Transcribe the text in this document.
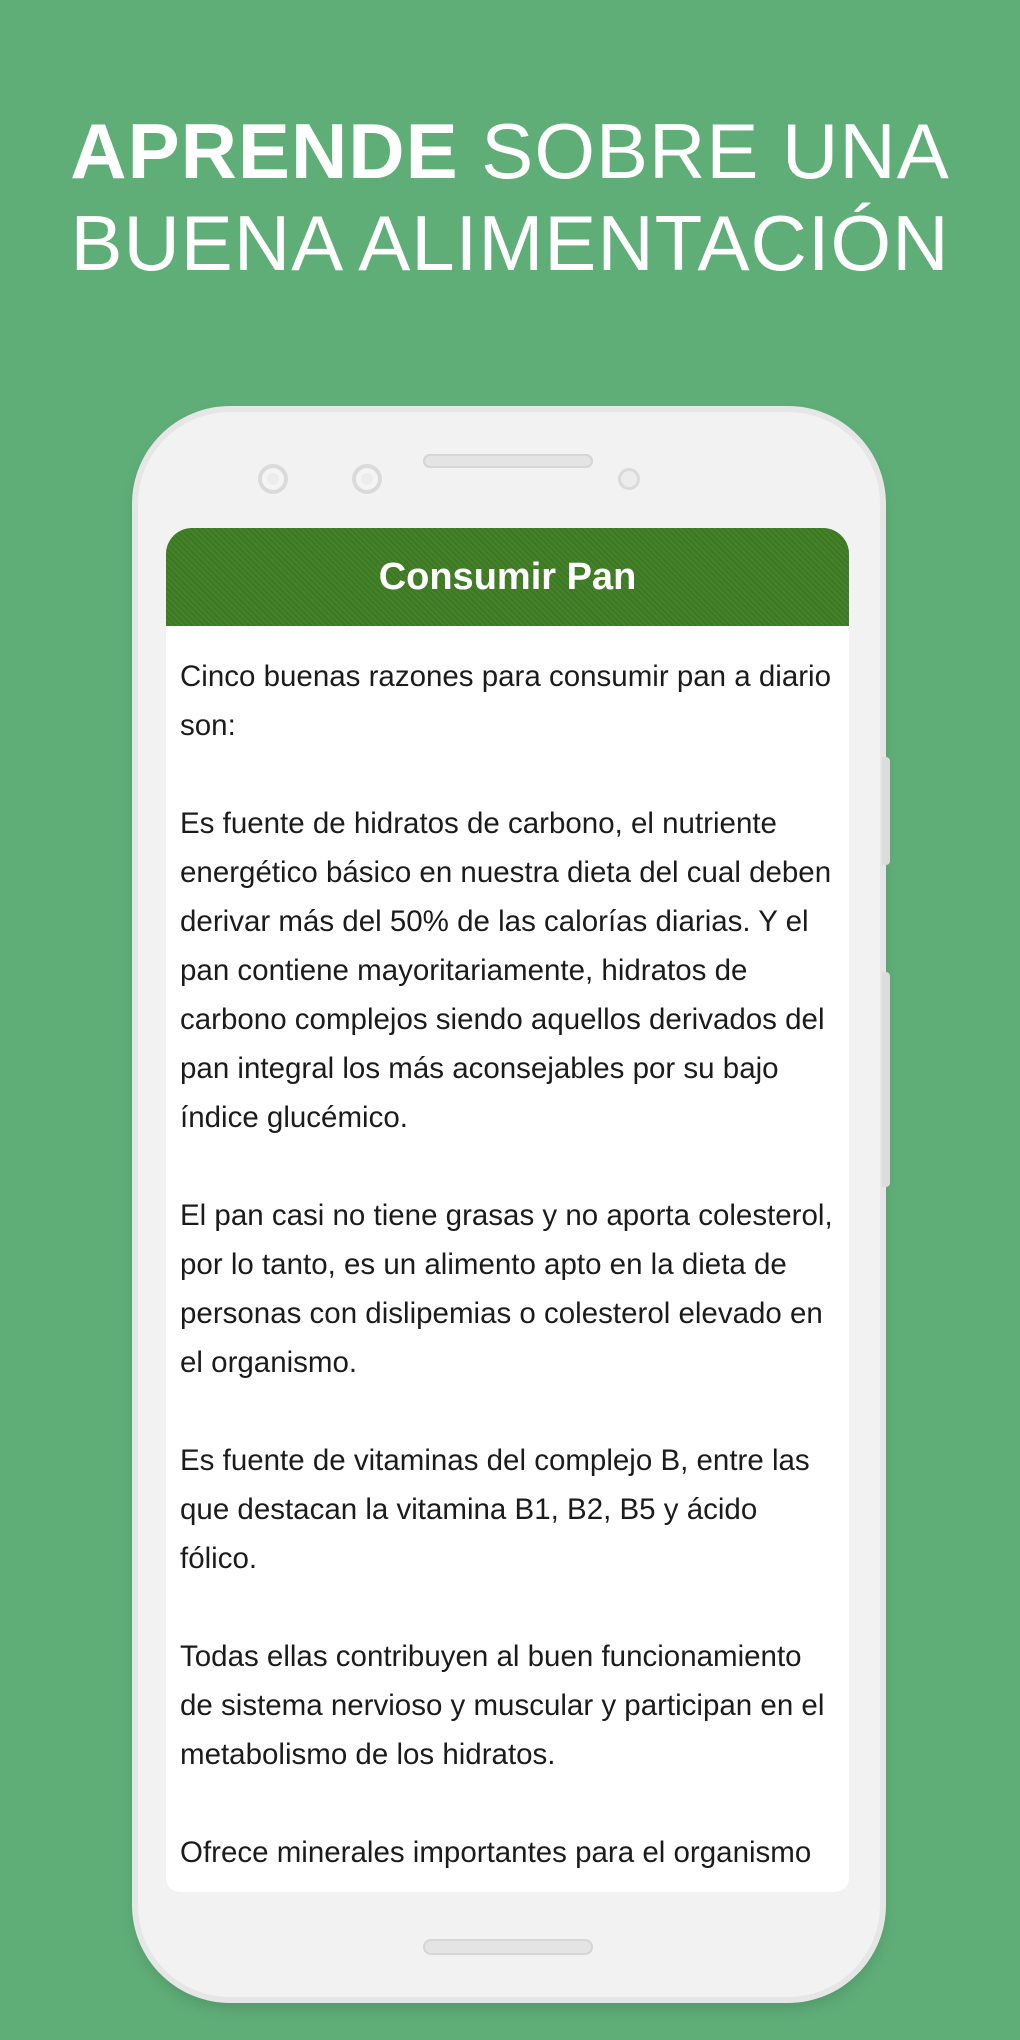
APRENDE SOBRE UNA
BUENA ALIMENTACIÓN
Consumir Pan

Cinco buenas razones para consumir pan a diario son:

Es fuente de hidratos de carbono, el nutriente energético básico en nuestra dieta del cual deben derivar más del 50% de las calorías diarias. Y el pan contiene mayoritariamente, hidratos de carbono complejos siendo aquellos derivados del pan integral los más aconsejables por su bajo índice glucémico.

El pan casi no tiene grasas y no aporta colesterol, por lo tanto, es un alimento apto en la dieta de personas con dislipemias o colesterol elevado en el organismo.

Es fuente de vitaminas del complejo B, entre las que destacan la vitamina B1, B2, B5 y ácido fólico.

Todas ellas contribuyen al buen funcionamiento de sistema nervioso y muscular y participan en el metabolismo de los hidratos.

Ofrece minerales importantes para el organismo
